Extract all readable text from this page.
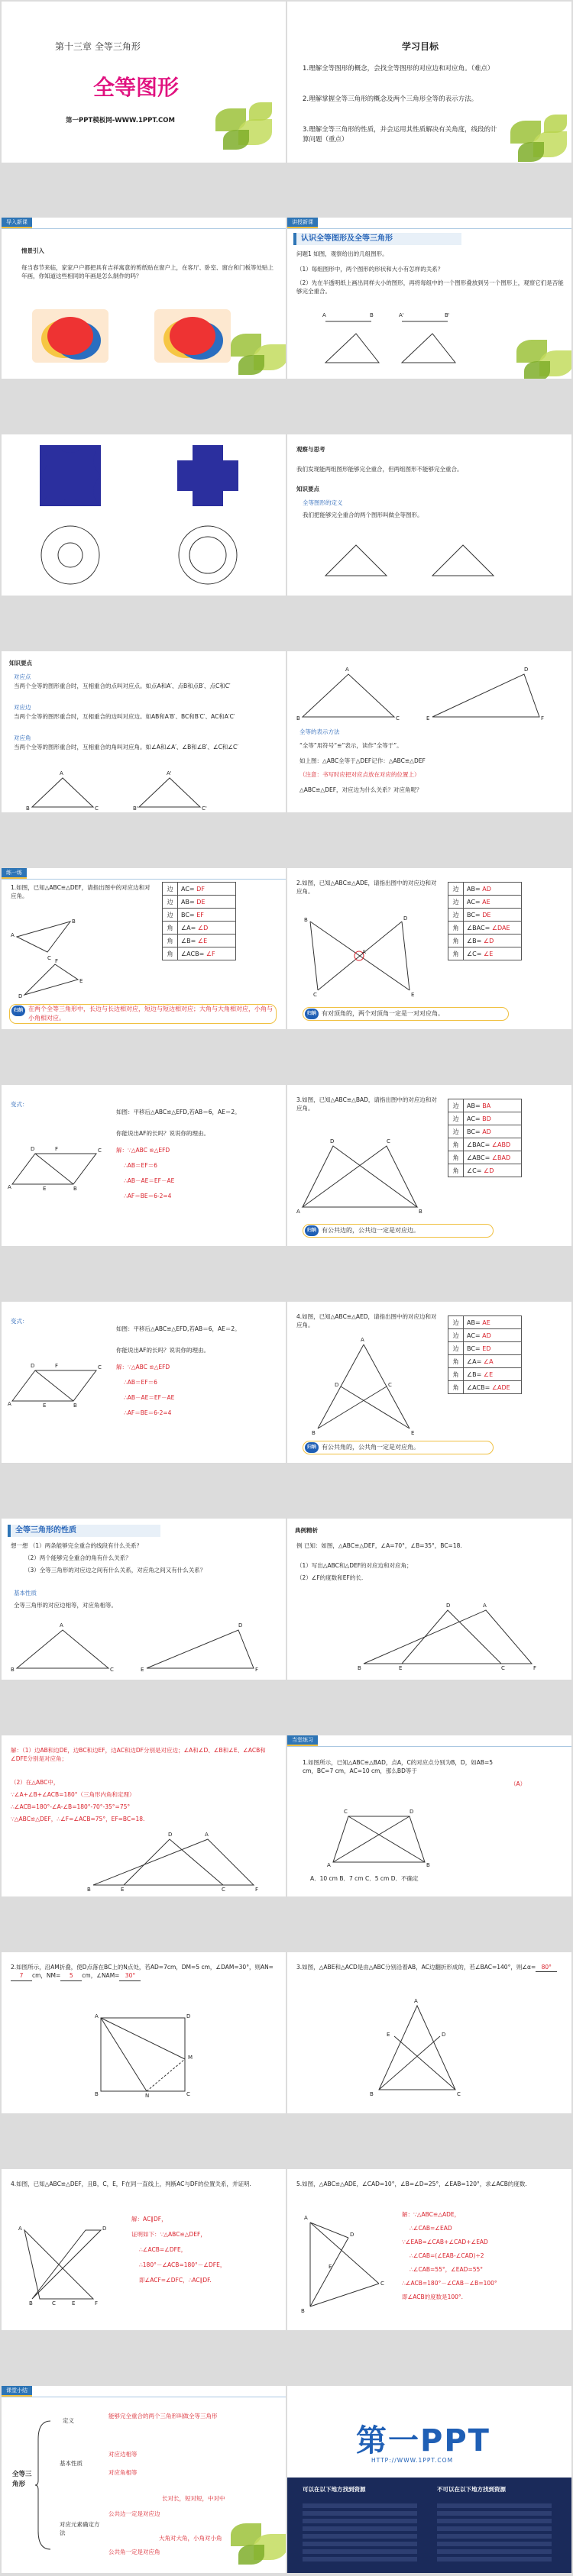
第十三章 全等三角形
全等图形
第一PPT模板网-WWW.1PPT.COM
学习目标
1.理解全等图形的概念，会找全等图形的对应边和对应角。（难点）
2.理解掌握全等三角形的概念及两个三角形全等的表示方法。
3.理解全等三角形的性质，并会运用其性质解决有关角度，线段的计算问题（重点）
导入新课
情景引入
每当春节来临，家家户户都把具有吉祥寓意的剪纸贴在窗户上，在客厅、卧室、窗台和门板等处贴上年画，你知道这些相同的年画是怎么制作的吗？
讲授新课
认识全等图形及全等三角形
问题1 如图，观察给出的几组图形。
（1）每组图形中，两个图形的形状和大小有怎样的关系？
（2）先在半透明纸上画出同样大小的图形，再将每组中的一个图形叠放到另一个图形上，观察它们是否能够完全重合。
A	B	A'	B'
观察与思考
我们发现能两组图形能够完全重合，但两组图形不能够完全重合。
知识要点
全等图形的定义
我们把能够完全重合的两个图形叫做全等图形。
知识要点
对应点
当两个全等的图形重合时，互相重合的点叫对应点。如点A和A′、点B和点B′、点C和C′
对应边
当两个全等的图形重合时，互相重合的边叫对应边。如AB和A′B′、BC和B′C′、AC和A′C′
对应角
当两个全等的图形重合时，互相重合的角叫对应角。如∠A和∠A′、∠B和∠B′、∠C和∠C′
A
B	C
A'
B'	C'
A
B	C
D
E	F
全等的表示方法
“全等”用符号“≌”表示，读作“全等于”。
如上图：△ABC全等于△DEF记作：△ABC≌△DEF
（注意：书写时应把对应点放在对应的位置上）
△ABC≌△DEF，对应边为什么关系？对应角呢？
练一练
1.如图，已知△ABC≌△DEF，请指出图中的对应边和对应角。
A
B
C
D
E
F
边	AC= DF
边	AB= DE
边	BC= EF
角	∠A= ∠D
角	∠B= ∠E
角	∠ACB= ∠F
归纳 在两个全等三角形中，长边与长边相对应，短边与短边相对应；大角与大角相对应，小角与小角相对应。
2.如图，已知△ABC≌△ADE，请指出图中的对应边和对应角。
A
B
C
D
E
边	AB= AD
边	AC= AE
边	BC= DE
角	∠BAC= ∠DAE
角	∠B= ∠D
角	∠C= ∠E
归纳 有对顶角的，两个对顶角一定是一对对应角。
变式：
如图：平移后△ABC≌△EFD,若AB＝6，AE＝2。
你能说出AF的长吗？说说你的理由。
解：∵△ABC ≌△EFD
∴AB＝EF＝6
∴AB－AE＝EF－AE
∴AF＝BE＝6-2=4
A	B
C
D
E
F
3.如图，已知△ABC≌△BAD，请指出图中的对应边和对应角。
A	B
C
D
边	AB= BA
边	AC= BD
边	BC= AD
角	∠BAC= ∠ABD
角	∠ABC= ∠BAD
角	∠C= ∠D
归纳 有公共边的，公共边一定是对应边。
变式：
如图：平移后△ABC≌△EFD,若AB＝6，AE＝2。
你能说出AF的长吗？说说你的理由。
解：∵△ABC ≌△EFD
∴AB＝EF＝6
∴AB－AE＝EF－AE
∴AF＝BE＝6-2=4
A	B
C
D
E
F
4.如图，已知△ABC≌△AED，请指出图中的对应边和对应角。
A
B
C
D
E
边	AB= AE
边	AC= AD
边	BC= ED
角	∠A= ∠A
角	∠B= ∠E
角	∠ACB= ∠ADE
归纳 有公共角的，公共角一定是对应角。
全等三角形的性质
想一想 （1）两条能够完全重合的线段有什么关系？
（2）两个能够完全重合的角有什么关系？
（3）全等三角形的对应边之间有什么关系，对应角之间又有什么关系？
基本性质
全等三角形的对应边相等，对应角相等。
A
B	C
D
E	F
典例精析
例 已知：如图，△ABC≌△DEF，∠A=70°，∠B=35°，BC=18.
（1）写出△ABC和△DEF的对应边和对应角；
（2）∠F的度数和EF的长.
A
B	C
D
E	F
解：（1）边AB和边DE，边BC和边EF，边AC和边DF分别是对应边；∠A和∠D、∠B和∠E、∠ACB和∠DFE分别是对应角；
（2）在△ABC中，
∵∠A+∠B+∠ACB=180°（三角形内角和定理）
∴∠ACB=180°-∠A-∠B=180°-70°-35°=75°
∵△ABC≌△DEF，∴∠F=∠ACB=75°，EF=BC=18.
A
B	C
D
E	F
当堂练习
1.如图所示，已知△ABC≌△BAD，点A，C的对应点分别为B，D，如AB=5 cm，BC=7 cm，AC=10 cm，那么BD等于
（A）
A	B
C	D
A．10 cm B．7 cm C．5 cm D．不确定
2.如图所示，沿AM折叠，使D点落在BC上的N点处，若AD=7cm，DM=5 cm，∠DAM=30°，则AN=7 cm，NM= 5 cm，∠NAM= 30°
A
B	C
D
M
N
3.如图，△ABE和△ACD是由△ABC分别沿着AB，AC边翻折形成的，若∠BAC=140°，则∠α= 80°
A
B	C
D
E
4.如图，已知△ABC≌△DEF，且B，C，E，F在同一直线上，判断AC与DF的位置关系，并证明.
A
B	C
D
E	F
解：AC∥DF，
证明如下：∵△ABC≌△DEF，
∴∠ACB=∠DFE，
∴180°－∠ACB=180°－∠DFE，
即∠ACF=∠DFC，∴AC∥DF.
5.如图，△ABC≌△ADE，∠CAD=10°，∠B=∠D=25°，∠EAB=120°，求∠ACB的度数.
A
B
C
D
E
解：∵△ABC≌△ADE，
∴∠CAB=∠EAD
∵∠EAB=∠CAB+∠CAD+∠EAD
∴∠CAB=(∠EAB-∠CAD)÷2
∴∠CAB=55°，∠EAD=55°
∴∠ACB=180°－∠CAB－∠B=100°
即∠ACB的度数是100°.
课堂小结
全等三角形
定义
能够完全重合的两个三角形叫做全等三角形
基本性质
对应边相等
对应角相等
对应元素确定方法
长对长，短对短，中对中
公共边一定是对应边
大角对大角，小角对小角
公共角一定是对应角
第一PPT
HTTP://WWW.1PPT.COM
可以在以下地方找到资源	不可以在以下地方找到资源
